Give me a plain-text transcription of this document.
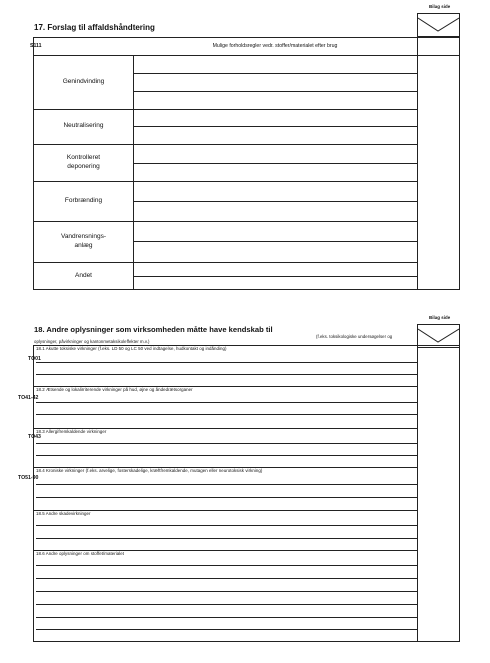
Bilag side
17. Forslag til affaldshåndtering
S111	Mulige forholdsregler vedr. stoffer/materialet efter brug
Genindvinding
Neutralisering
Kontrolleret deponering
Forbrænding
Vandrensnings-anlæg
Andet
Bilag side
18. Andre oplysninger som virksomheden måtte have kendskab til
(f.eks. toksikologiske undersøgelser og oplysninger, påvirkninger og kantonmetaksikoleffekter m.v.)
TO01
TO41-42
TO43
TO51-90
18.1 Akutte toksiske virkninger (f.eks. LD 50 og LC 50 ved indtagelse, hudkontakt og indånding)
18.2 Ætsende og lokalirriterende virkninger på hud, øjne og åndedrætsorganer
18.3 Allergifremkaldende virkninger
18.4 Kroniske virkninger (f.eks. arvelige, fosterskadelige, kræftfremkaldende, mutagen eller neurotoksisk virkning)
18.5 Andre skadevirkninger
18.6 Andre oplysninger om stoffet/materialet
